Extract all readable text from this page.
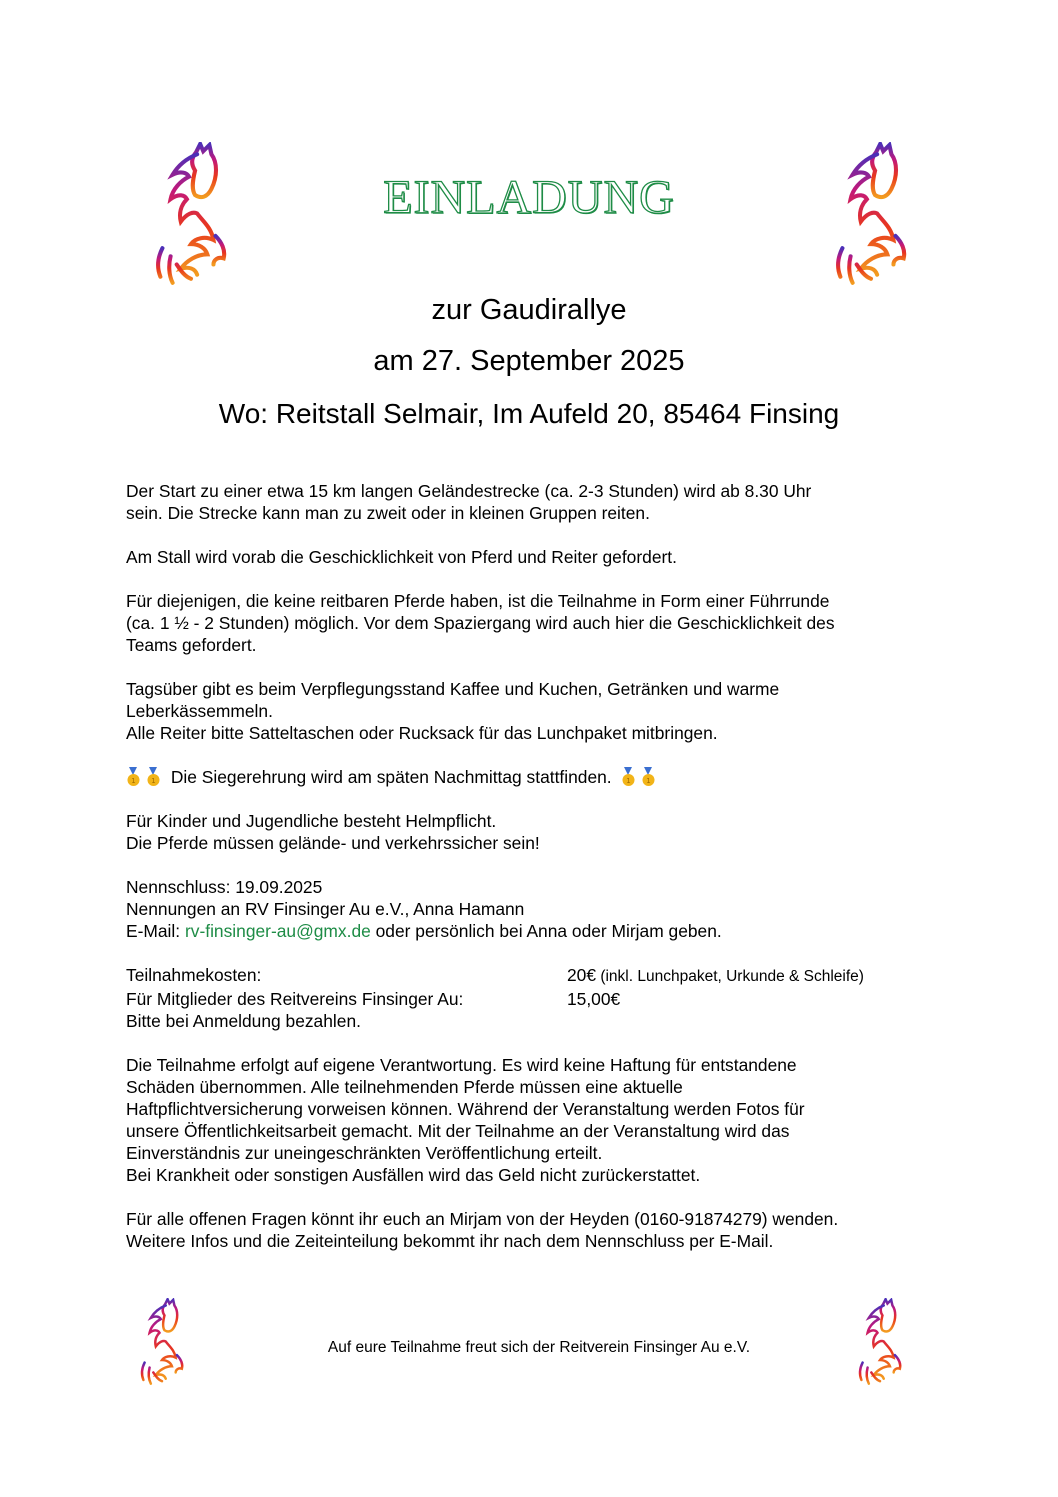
EINLADUNG
zur Gaudirallye
am 27. September 2025
Wo: Reitstall Selmair, Im Aufeld 20, 85464 Finsing

Der Start zu einer etwa 15 km langen Geländestrecke (ca. 2-3 Stunden) wird ab 8.30 Uhr
sein. Die Strecke kann man zu zweit oder in kleinen Gruppen reiten.

Am Stall wird vorab die Geschicklichkeit von Pferd und Reiter gefordert.

Für diejenigen, die keine reitbaren Pferde haben, ist die Teilnahme in Form einer Führrunde
(ca. 1 ½ - 2 Stunden) möglich. Vor dem Spaziergang wird auch hier die Geschicklichkeit des
Teams gefordert.

Tagsüber gibt es beim Verpflegungsstand Kaffee und Kuchen, Getränken und warme
Leberkässemmeln.
Alle Reiter bitte Satteltaschen oder Rucksack für das Lunchpaket mitbringen.

1 1 Die Siegerehrung wird am späten Nachmittag stattfinden. 1 1

Für Kinder und Jugendliche besteht Helmpflicht.
Die Pferde müssen gelände- und verkehrssicher sein!

Nennschluss: 19.09.2025
Nennungen an RV Finsinger Au e.V., Anna Hamann
E-Mail: rv-finsinger-au@gmx.de oder persönlich bei Anna oder Mirjam geben.

Teilnahmekosten:	20€ (inkl. Lunchpaket, Urkunde & Schleife)
Für Mitglieder des Reitvereins Finsinger Au:	15,00€
Bitte bei Anmeldung bezahlen.

Die Teilnahme erfolgt auf eigene Verantwortung. Es wird keine Haftung für entstandene
Schäden übernommen. Alle teilnehmenden Pferde müssen eine aktuelle
Haftpflichtversicherung vorweisen können. Während der Veranstaltung werden Fotos für
unsere Öffentlichkeitsarbeit gemacht. Mit der Teilnahme an der Veranstaltung wird das
Einverständnis zur uneingeschränkten Veröffentlichung erteilt.
Bei Krankheit oder sonstigen Ausfällen wird das Geld nicht zurückerstattet.

Für alle offenen Fragen könnt ihr euch an Mirjam von der Heyden (0160-91874279) wenden.
Weitere Infos und die Zeiteinteilung bekommt ihr nach dem Nennschluss per E-Mail.

Auf eure Teilnahme freut sich der Reitverein Finsinger Au e.V.
